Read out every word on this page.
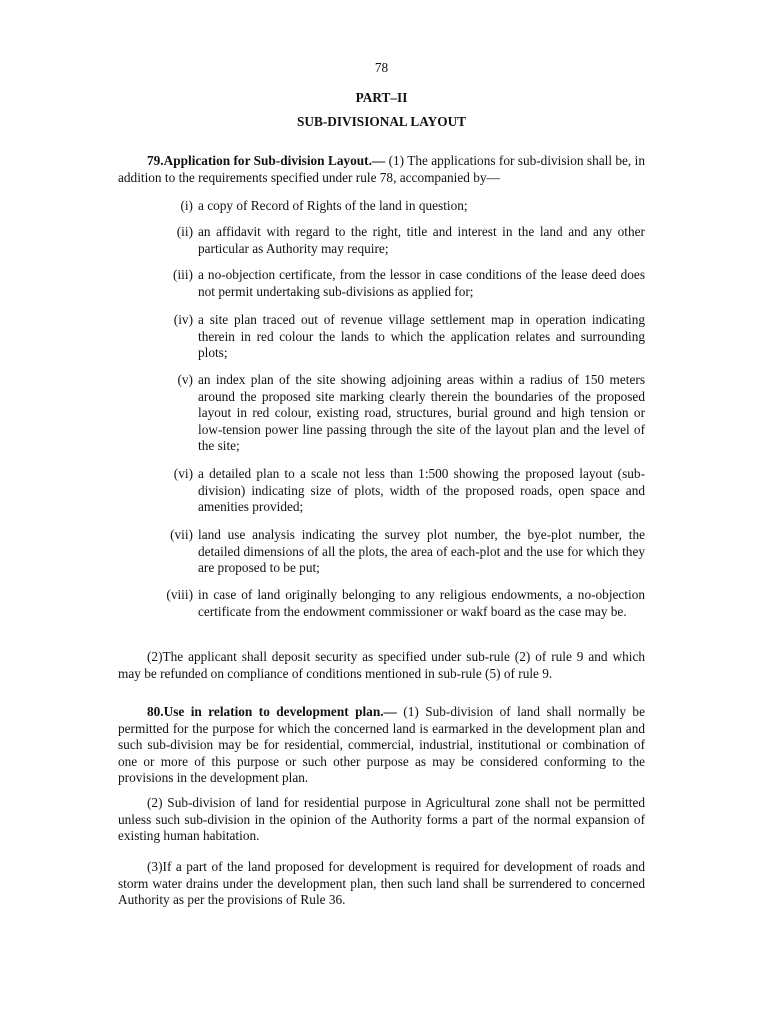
78
PART–II
SUB-DIVISIONAL LAYOUT
79.Application for Sub-division Layout.— (1) The applications for sub-division shall be, in addition to the requirements specified under rule 78, accompanied by—
(i) a copy of Record of Rights of the land in question;
(ii) an affidavit with regard to the right, title and interest in the land and any other particular as Authority may require;
(iii) a no-objection certificate, from the lessor in case conditions of the lease deed does not permit undertaking sub-divisions as applied for;
(iv) a site plan traced out of revenue village settlement map in operation indicating therein in red colour the lands to which the application relates and surrounding plots;
(v) an index plan of the site showing adjoining areas within a radius of 150 meters around the proposed site marking clearly therein the boundaries of the proposed layout in red colour, existing road, structures, burial ground and high tension or low-tension power line passing through the site of the layout plan and the level of the site;
(vi) a detailed plan to a scale not less than 1:500 showing the proposed layout (sub-division) indicating size of plots, width of the proposed roads, open space and amenities provided;
(vii) land use analysis indicating the survey plot number, the bye-plot number, the detailed dimensions of all the plots, the area of each-plot and the use for which they are proposed to be put;
(viii) in case of land originally belonging to any religious endowments, a no-objection certificate from the endowment commissioner or wakf board as the case may be.
(2)The applicant shall deposit security as specified under sub-rule (2) of rule 9 and which may be refunded on compliance of conditions mentioned in sub-rule (5) of rule 9.
80.Use in relation to development plan.— (1) Sub-division of land shall normally be permitted for the purpose for which the concerned land is earmarked in the development plan and such sub-division may be for residential, commercial, industrial, institutional or combination of one or more of this purpose or such other purpose as may be considered conforming to the provisions in the development plan.
(2) Sub-division of land for residential purpose in Agricultural zone shall not be permitted unless such sub-division in the opinion of the Authority forms a part of the normal expansion of existing human habitation.
(3)If a part of the land proposed for development is required for development of roads and storm water drains under the development plan, then such land shall be surrendered to concerned Authority as per the provisions of Rule 36.
